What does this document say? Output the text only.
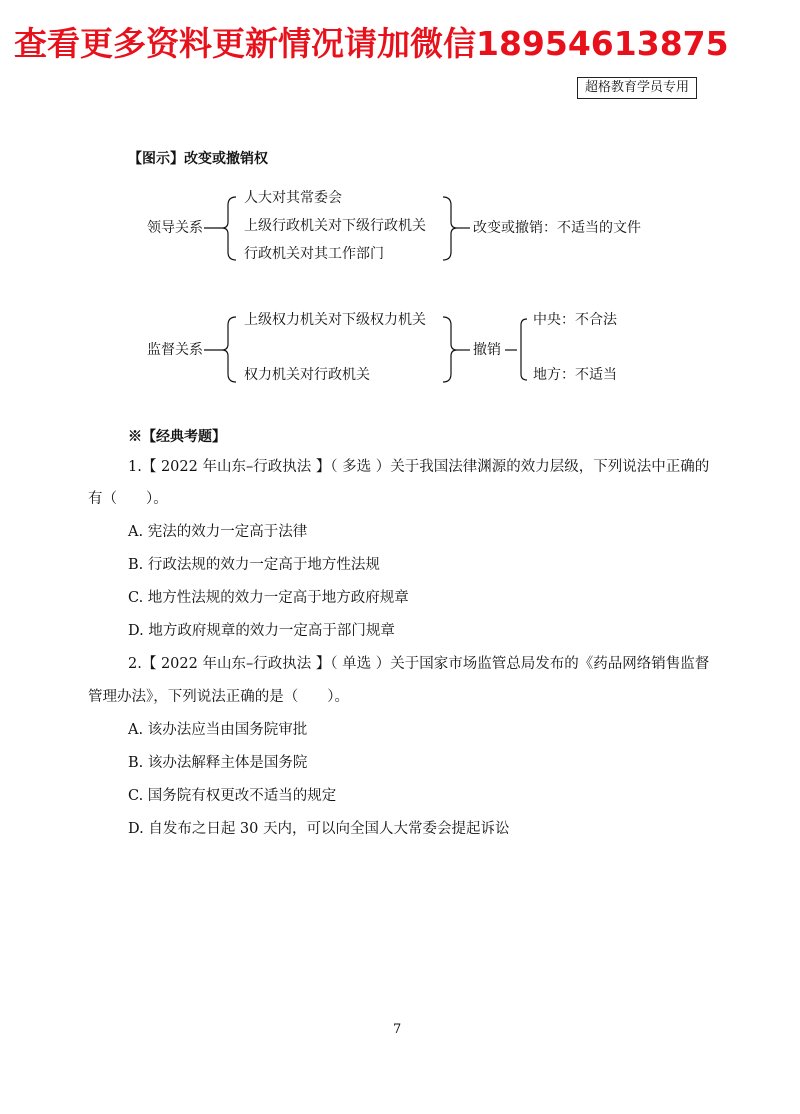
查看更多资料更新情况请加微信18954613875
超格教育学员专用
【图示】改变或撤销权
领导关系
人大对其常委会
上级行政机关对下级行政机关
行政机关对其工作部门
改变或撤销：不适当的文件
监督关系
上级权力机关对下级权力机关
权力机关对行政机关
撤销
中央：不合法
地方：不适当
※【经典考题】
1.【 2022 年山东–行政执法 】（ 多选 ）关于我国法律渊源的效力层级，下列说法中正确的
有（　　）。
A. 宪法的效力一定高于法律
B. 行政法规的效力一定高于地方性法规
C. 地方性法规的效力一定高于地方政府规章
D. 地方政府规章的效力一定高于部门规章
2.【 2022 年山东–行政执法 】（ 单选 ）关于国家市场监管总局发布的《药品网络销售监督
管理办法》，下列说法正确的是（　　）。
A. 该办法应当由国务院审批
B. 该办法解释主体是国务院
C. 国务院有权更改不适当的规定
D. 自发布之日起 30 天内，可以向全国人大常委会提起诉讼
7
